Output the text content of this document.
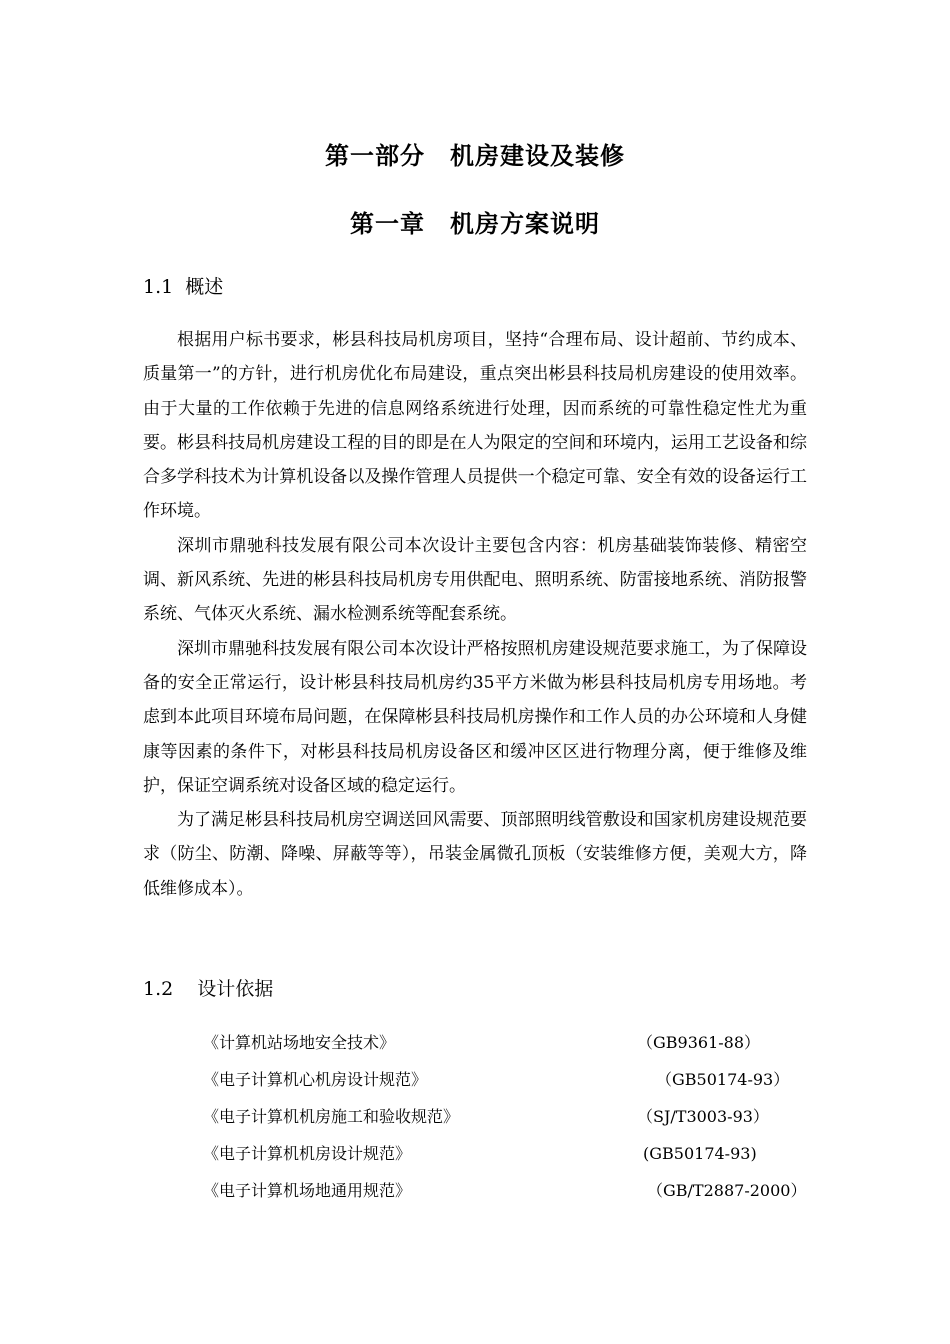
第一部分　机房建设及装修
第一章　机房方案说明
1.1 概述

根据用户标书要求，彬县科技局机房项目，坚持“合理布局、设计超前、节约成本、质量第一”的方针，进行机房优化布局建设，重点突出彬县科技局机房建设的使用效率。由于大量的工作依赖于先进的信息网络系统进行处理，因而系统的可靠性稳定性尤为重要。彬县科技局机房建设工程的目的即是在人为限定的空间和环境内，运用工艺设备和综合多学科技术为计算机设备以及操作管理人员提供一个稳定可靠、安全有效的设备运行工作环境。

深圳市鼎驰科技发展有限公司本次设计主要包含内容：机房基础装饰装修、精密空调、新风系统、先进的彬县科技局机房专用供配电、照明系统、防雷接地系统、消防报警系统、气体灭火系统、漏水检测系统等配套系统。

深圳市鼎驰科技发展有限公司本次设计严格按照机房建设规范要求施工，为了保障设备的安全正常运行，设计彬县科技局机房约35平方米做为彬县科技局机房专用场地。考虑到本此项目环境布局问题，在保障彬县科技局机房操作和工作人员的办公环境和人身健康等因素的条件下，对彬县科技局机房设备区和缓冲区区进行物理分离，便于维修及维护，保证空调系统对设备区域的稳定运行。

为了满足彬县科技局机房空调送回风需要、顶部照明线管敷设和国家机房建设规范要求（防尘、防潮、降噪、屏蔽等等），吊装金属微孔顶板（安装维修方便，美观大方，降低维修成本）。

1.2 设计依据
《计算机站场地安全技术》	（GB9361-88）
《电子计算机心机房设计规范》	（GB50174-93）
《电子计算机机房施工和验收规范》	（SJ/T3003-93）
《电子计算机机房设计规范》	(GB50174-93)
《电子计算机场地通用规范》	（GB/T2887-2000）
